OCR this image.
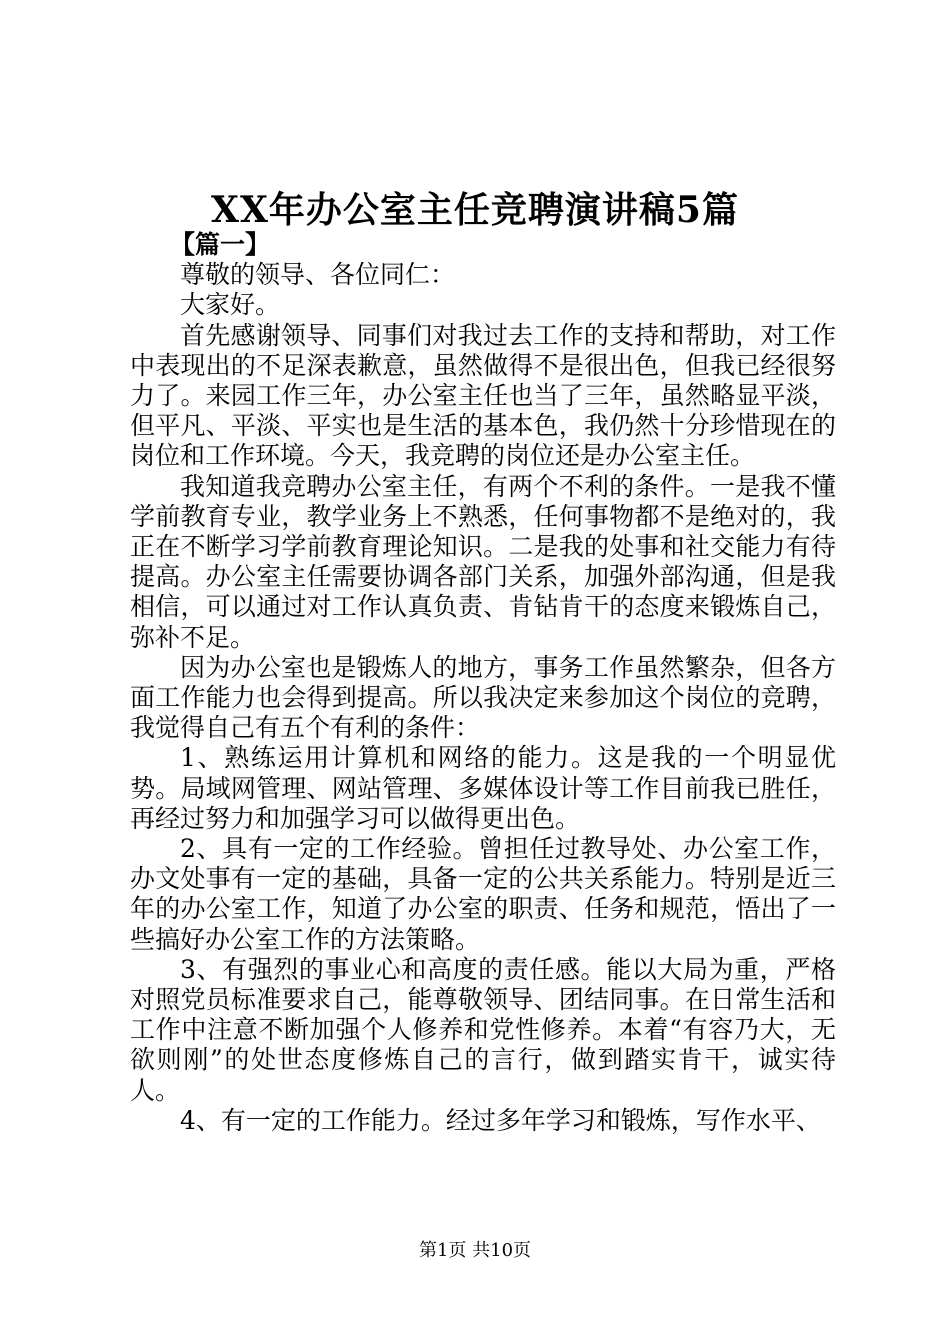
XX年办公室主任竞聘演讲稿5篇

【篇一】

尊敬的领导、各位同仁：

大家好。

首先感谢领导、同事们对我过去工作的支持和帮助，对工作中表现出的不足深表歉意，虽然做得不是很出色，但我已经很努力了。来园工作三年，办公室主任也当了三年，虽然略显平淡，但平凡、平淡、平实也是生活的基本色，我仍然十分珍惜现在的岗位和工作环境。今天，我竞聘的岗位还是办公室主任。

我知道我竞聘办公室主任，有两个不利的条件。一是我不懂学前教育专业，教学业务上不熟悉，任何事物都不是绝对的，我正在不断学习学前教育理论知识。二是我的处事和社交能力有待提高。办公室主任需要协调各部门关系，加强外部沟通，但是我相信，可以通过对工作认真负责、肯钻肯干的态度来锻炼自己，弥补不足。

因为办公室也是锻炼人的地方，事务工作虽然繁杂，但各方面工作能力也会得到提高。所以我决定来参加这个岗位的竞聘，我觉得自己有五个有利的条件：

1、熟练运用计算机和网络的能力。这是我的一个明显优势。局域网管理、网站管理、多媒体设计等工作目前我已胜任，再经过努力和加强学习可以做得更出色。

2、具有一定的工作经验。曾担任过教导处、办公室工作，办文处事有一定的基础，具备一定的公共关系能力。特别是近三年的办公室工作，知道了办公室的职责、任务和规范，悟出了一些搞好办公室工作的方法策略。

3、有强烈的事业心和高度的责任感。能以大局为重，严格对照党员标准要求自己，能尊敬领导、团结同事。在日常生活和工作中注意不断加强个人修养和党性修养。本着“有容乃大，无欲则刚”的处世态度修炼自己的言行，做到踏实肯干，诚实待人。

4、有一定的工作能力。经过多年学习和锻炼，写作水平、

第1页 共10页
